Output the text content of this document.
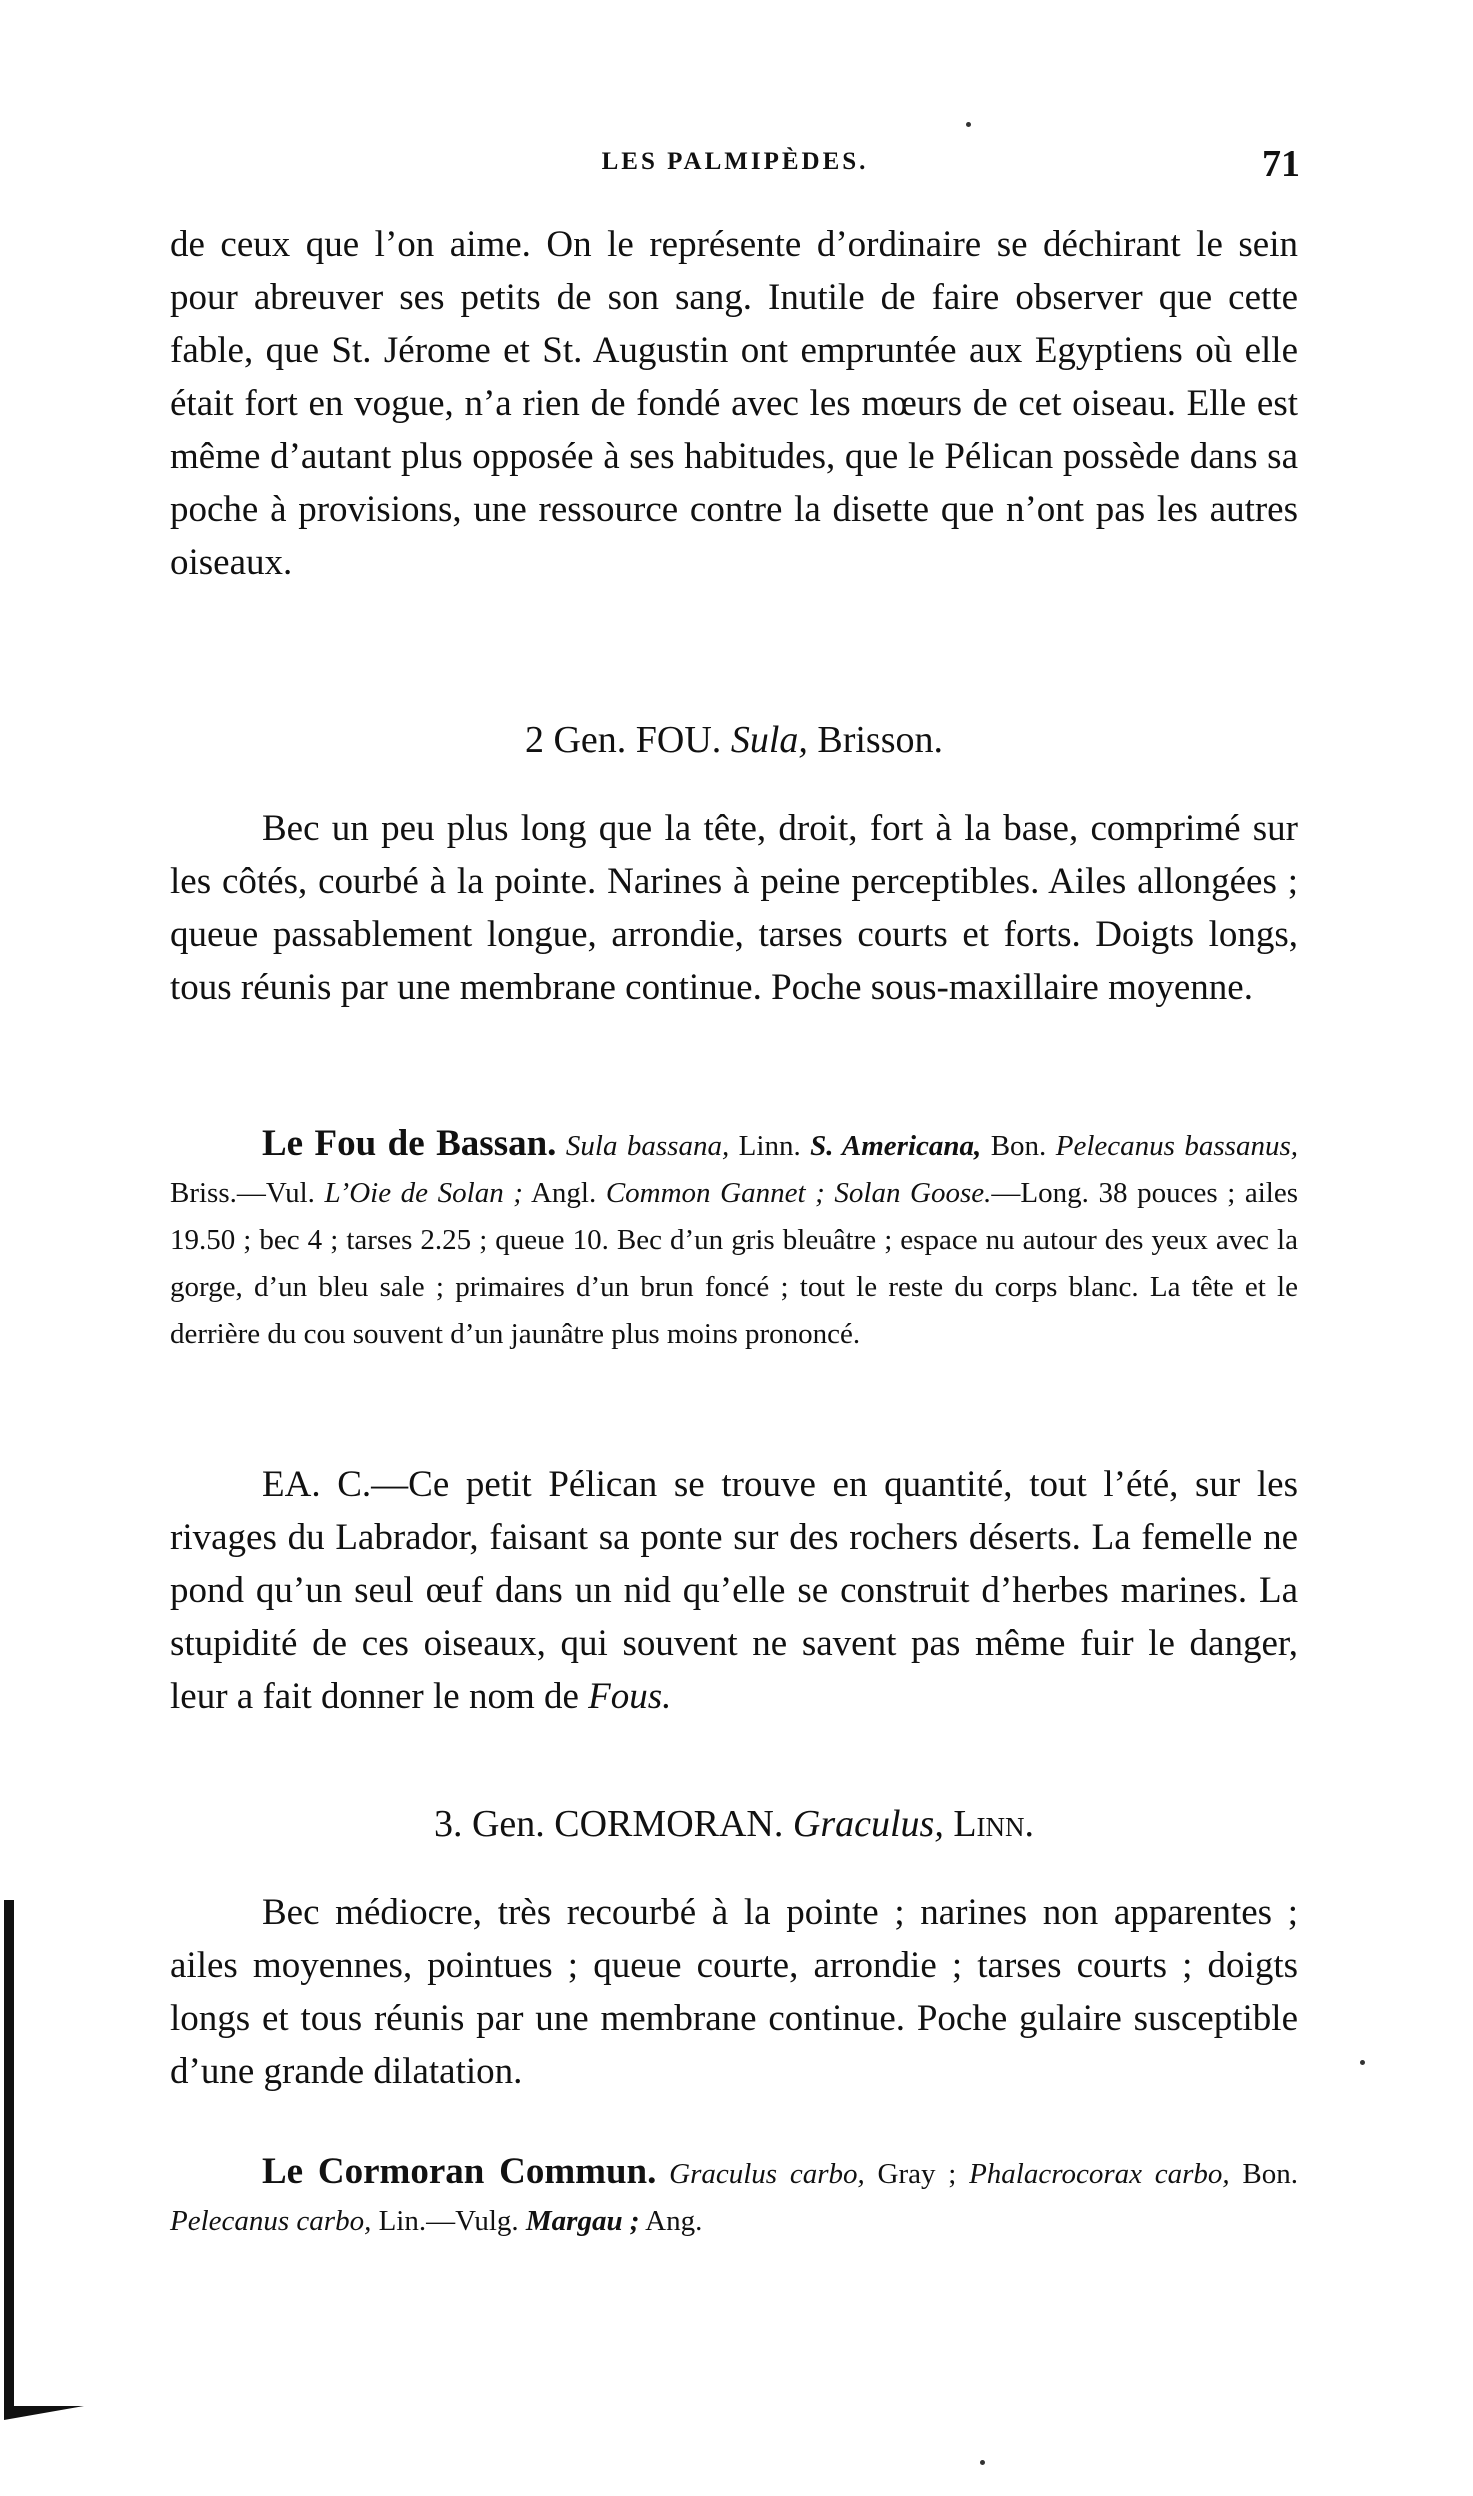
LES PALMIPÈDES.	71

de ceux que l’on aime. On le représente d’ordinaire se déchirant le sein pour abreuver ses petits de son sang. Inutile de faire observer que cette fable, que St. Jérome et St. Augustin ont empruntée aux Egyptiens où elle était fort en vogue, n’a rien de fondé avec les mœurs de cet oiseau. Elle est même d’autant plus opposée à ses habitudes, que le Pélican possède dans sa poche à provisions, une ressource contre la disette que n’ont pas les autres oiseaux.

2 Gen. FOU. Sula, Brisson.

Bec un peu plus long que la tête, droit, fort à la base, comprimé sur les côtés, courbé à la pointe. Narines à peine perceptibles. Ailes allongées ; queue passablement longue, arrondie, tarses courts et forts. Doigts longs, tous réunis par une membrane continue. Poche sous-maxillaire moyenne.

Le Fou de Bassan. Sula bassana, Linn. S. Americana, Bon. Pelecanus bassanus, Briss.—Vul. L’Oie de Solan ; Angl. Common Gannet ; Solan Goose.—Long. 38 pouces ; ailes 19.50 ; bec 4 ; tarses 2.25 ; queue 10. Bec d’un gris bleuâtre ; espace nu autour des yeux avec la gorge, d’un bleu sale ; primaires d’un brun foncé ; tout le reste du corps blanc. La tête et le derrière du cou souvent d’un jaunâtre plus moins prononcé.

EA. C.—Ce petit Pélican se trouve en quantité, tout l’été, sur les rivages du Labrador, faisant sa ponte sur des rochers déserts. La femelle ne pond qu’un seul œuf dans un nid qu’elle se construit d’herbes marines. La stupidité de ces oiseaux, qui souvent ne savent pas même fuir le danger, leur a fait donner le nom de Fous.

3. Gen. CORMORAN. Graculus, Linn.

Bec médiocre, très recourbé à la pointe ; narines non apparentes ; ailes moyennes, pointues ; queue courte, arrondie ; tarses courts ; doigts longs et tous réunis par une membrane continue. Poche gulaire susceptible d’une grande dilatation.

Le Cormoran Commun. Graculus carbo, Gray ; Phalacrocorax carbo, Bon. Pelecanus carbo, Lin.—Vulg. Margau ; Ang.
